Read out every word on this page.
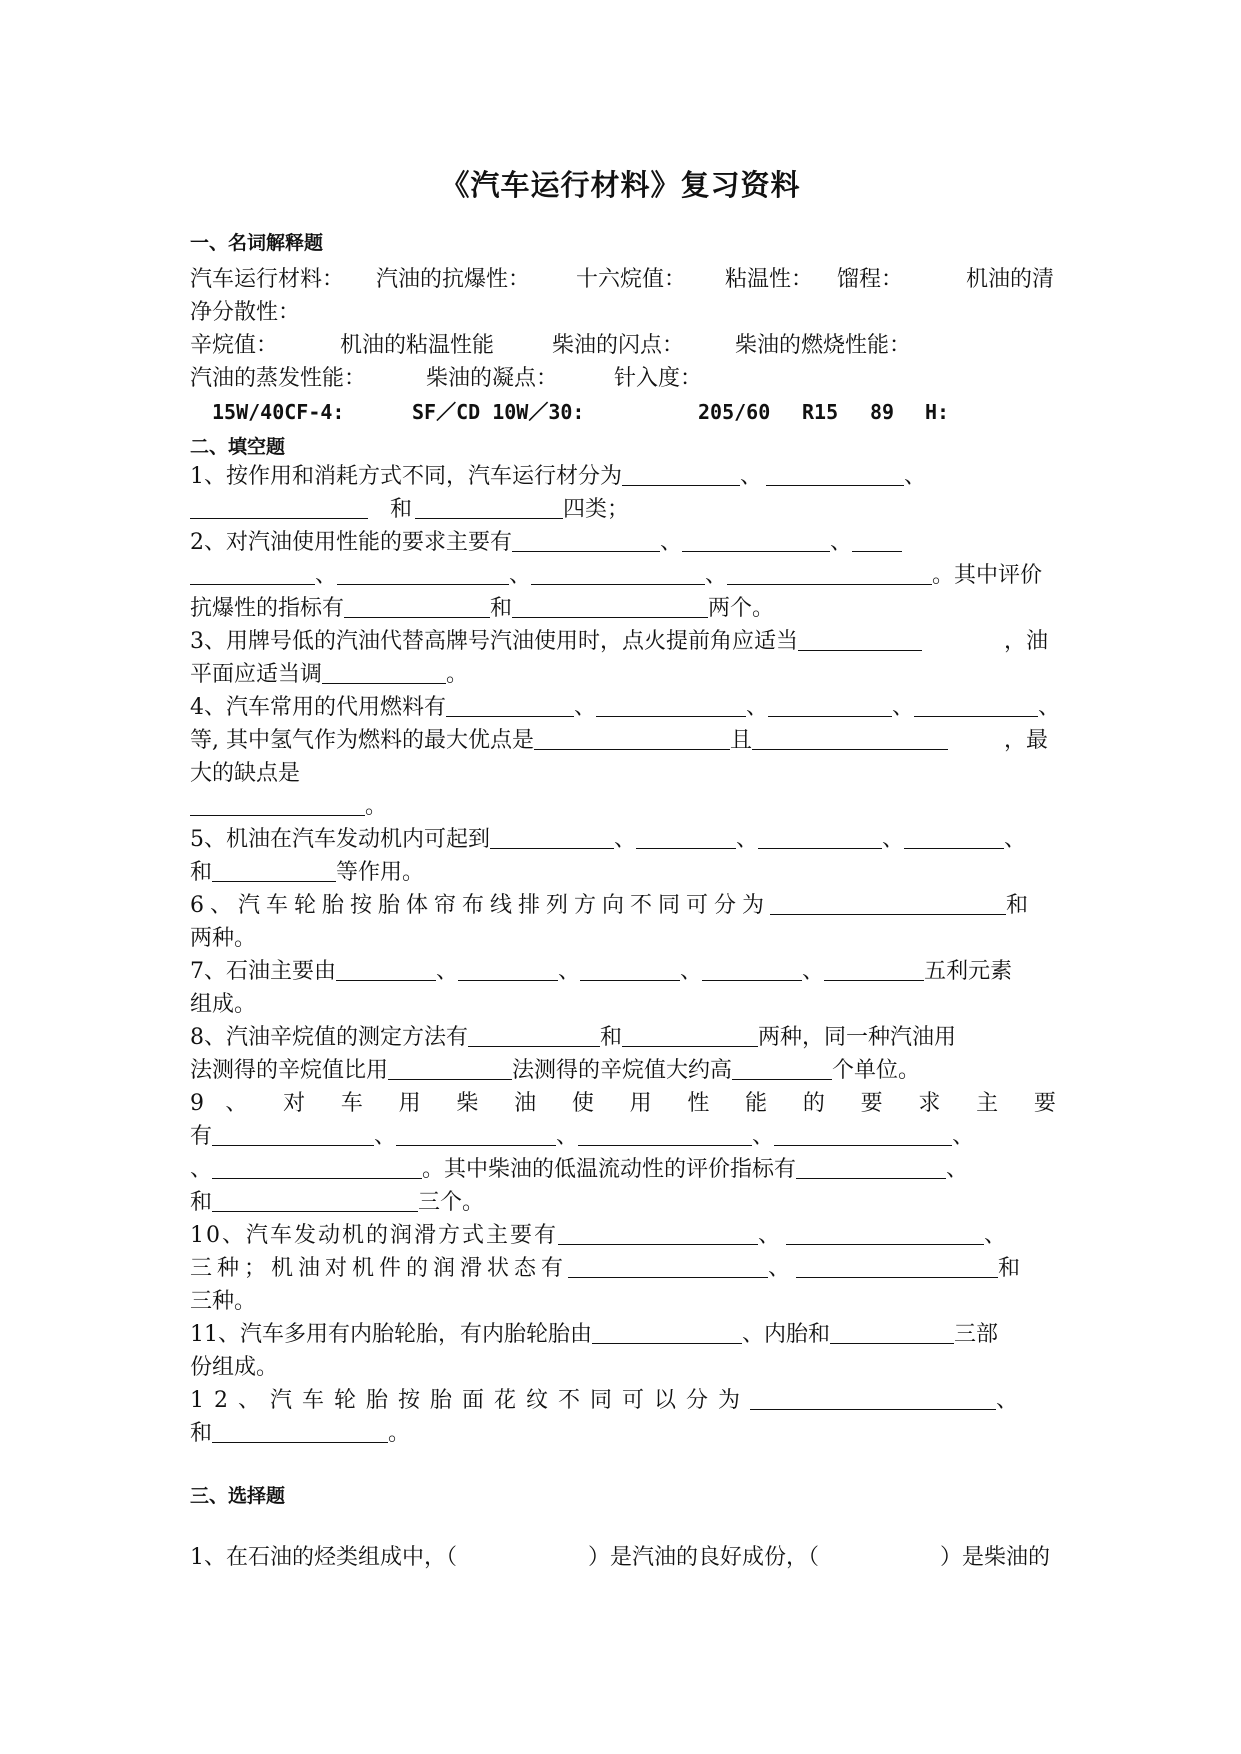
《汽车运行材料》复习资料
一、名词解释题
汽车运行材料： 汽油的抗爆性： 十六烷值： 粘温性： 馏程：	机油的清
净分散性：
辛烷值：	机油的粘温性能	柴油的闪点： 柴油的燃烧性能：
汽油的蒸发性能：	柴油的凝点：	针入度：
15W/40CF-4:	SF／CD 10W／30:	205/60 R15 89 H:
二、填空题
1、按作用和消耗方式不同，汽车运行材分为	、	、
和	四类；
2、对汽油使用性能的要求主要有	、	、
、	、	、	。其中评价
抗爆性的指标有	和	两个。
3、用牌号低的汽油代替高牌号汽油使用时，点火提前角应适当	，油
平面应适当调	。
4、汽车常用的代用燃料有	、	、	、	、
等, 其中氢气作为燃料的最大优点是	且	，最
大的缺点是
。
5、机油在汽车发动机内可起到	、	、	、	、
和	等作用。
6、汽车轮胎按胎体帘布线排列方向不同可分为	和
两种。
7、石油主要由	、	、	、	、	五利元素
组成。
8、汽油辛烷值的测定方法有	和	两种，同一种汽油用
法测得的辛烷值比用	法测得的辛烷值大约高	个单位。
9 、 对 车 用 柴 油 使 用 性 能 的 要 求 主 要
有	、	、	、	、
、	。其中柴油的低温流动性的评价指标有	、
和	三个。
10、汽车发动机的润滑方式主要有	、	、
三种；机油对机件的润滑状态有	、	和
三种。
11、汽车多用有内胎轮胎，有内胎轮胎由	、内胎和	三部
份组成。
12、汽车轮胎按胎面花纹不同可以分为	、
和	。
三、选择题
1、在石油的烃类组成中，（	）是汽油的良好成份，（	）是柴油的
